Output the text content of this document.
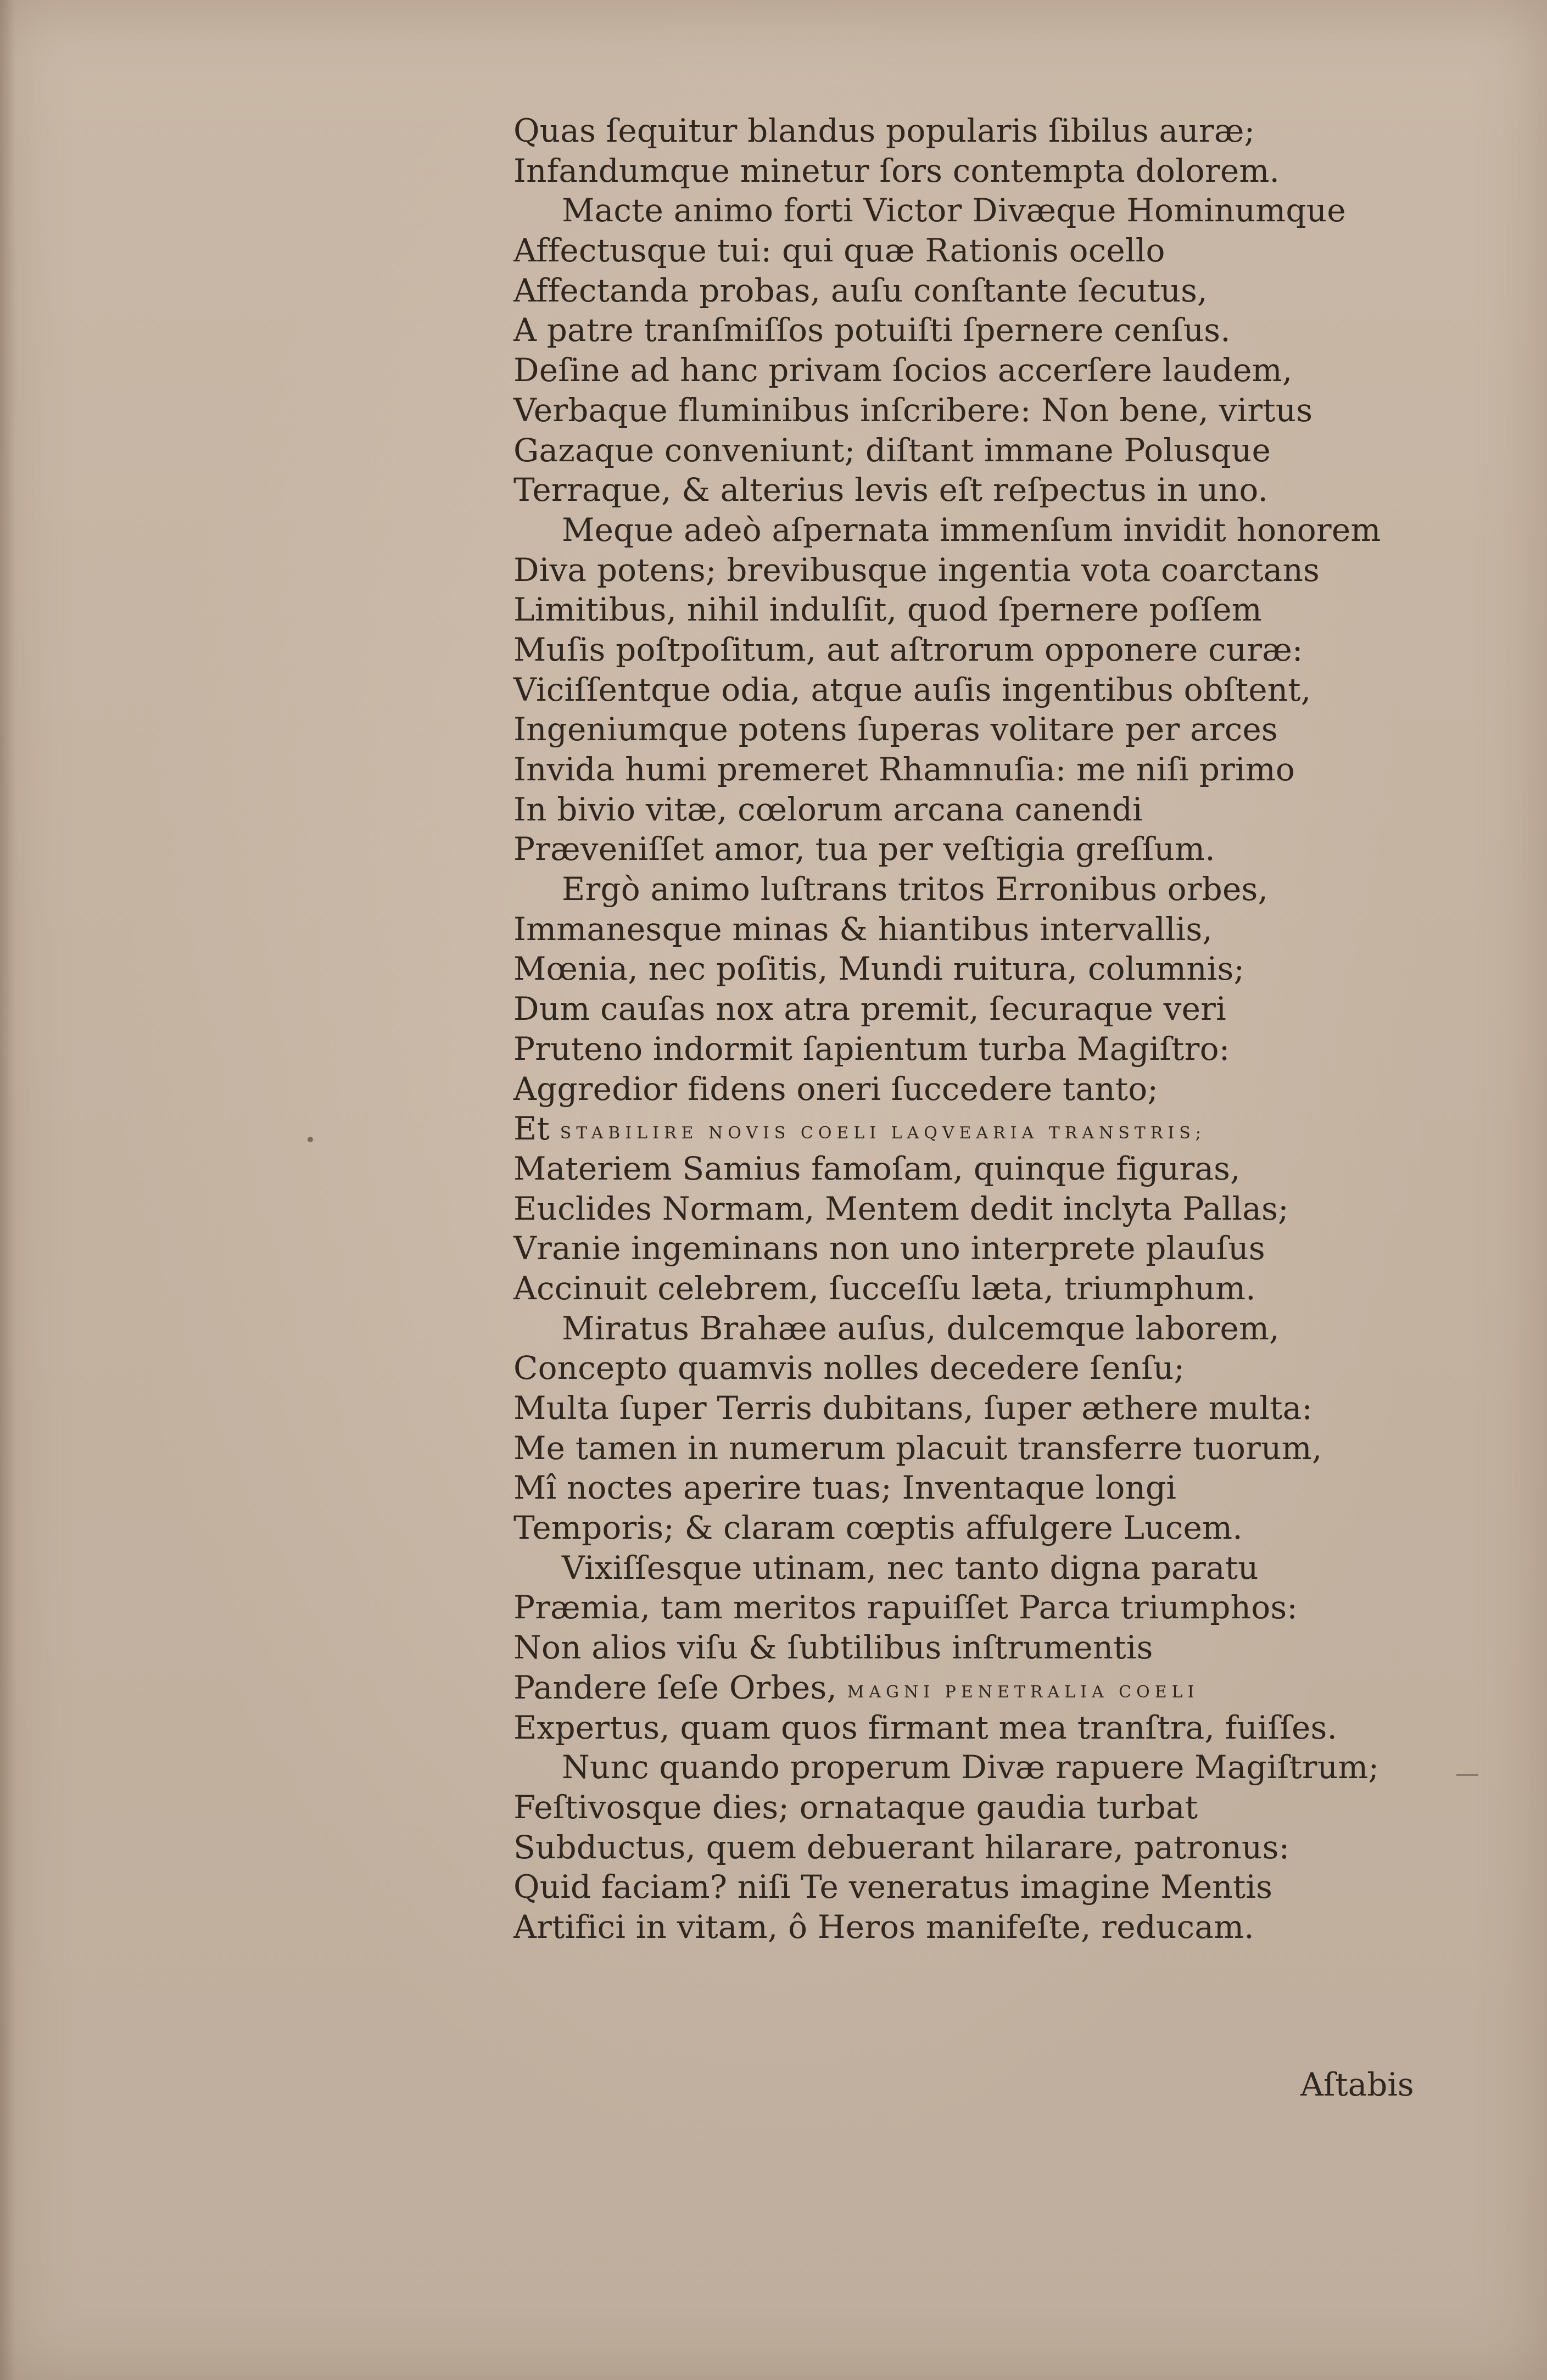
Quas ſequitur blandus popularis ſibilus auræ;
Infandumque minetur ſors contempta dolorem.
Macte animo forti Victor Divæque Hominumque
Affectusque tui: qui quæ Rationis ocello
Affectanda probas, auſu conſtante ſecutus,
A patre tranſmiſſos potuiſti ſpernere cenſus.
Deſine ad hanc privam ſocios accerſere laudem,
Verbaque fluminibus inſcribere: Non bene, virtus
Gazaque conveniunt; diſtant immane Polusque
Terraque, & alterius levis eſt reſpectus in uno.
Meque adeò aſpernata immenſum invidit honorem
Diva potens; brevibusque ingentia vota coarctans
Limitibus, nihil indulſit, quod ſpernere poſſem
Muſis poſtpoſitum, aut aſtrorum opponere curæ:
Viciſſentque odia, atque auſis ingentibus obſtent,
Ingeniumque potens ſuperas volitare per arces
Invida humi premeret Rhamnuſia: me niſi primo
In bivio vitæ, cœlorum arcana canendi
Præveniſſet amor, tua per veſtigia greſſum.
Ergò animo luſtrans tritos Erronibus orbes,
Immanesque minas & hiantibus intervallis,
Mœnia, nec poſitis, Mundi ruitura, columnis;
Dum cauſas nox atra premit, ſecuraque veri
Pruteno indormit ſapientum turba Magiſtro:
Aggredior fidens oneri ſuccedere tanto;
Et STABILIRE NOVIS COELI LAQVEARIA TRANSTRIS;
Materiem Samius famoſam, quinque figuras,
Euclides Normam, Mentem dedit inclyta Pallas;
Vranie ingeminans non uno interprete plauſus
Accinuit celebrem, ſucceſſu læta, triumphum.
Miratus Brahæe auſus, dulcemque laborem,
Concepto quamvis nolles decedere ſenſu;
Multa ſuper Terris dubitans, ſuper æthere multa:
Me tamen in numerum placuit transferre tuorum,
Mî noctes aperire tuas; Inventaque longi
Temporis; & claram cœptis affulgere Lucem.
Vixiſſesque utinam, nec tanto digna paratu
Præmia, tam meritos rapuiſſet Parca triumphos:
Non alios viſu & ſubtilibus inſtrumentis
Pandere ſeſe Orbes, MAGNI PENETRALIA COELI
Expertus, quam quos firmant mea tranſtra, fuiſſes.
Nunc quando properum Divæ rapuere Magiſtrum;
Feſtivosque dies; ornataque gaudia turbat
Subductus, quem debuerant hilarare, patronus:
Quid faciam? niſi Te veneratus imagine Mentis
Artifici in vitam, ô Heros manifeſte, reducam.
Aſtabis
